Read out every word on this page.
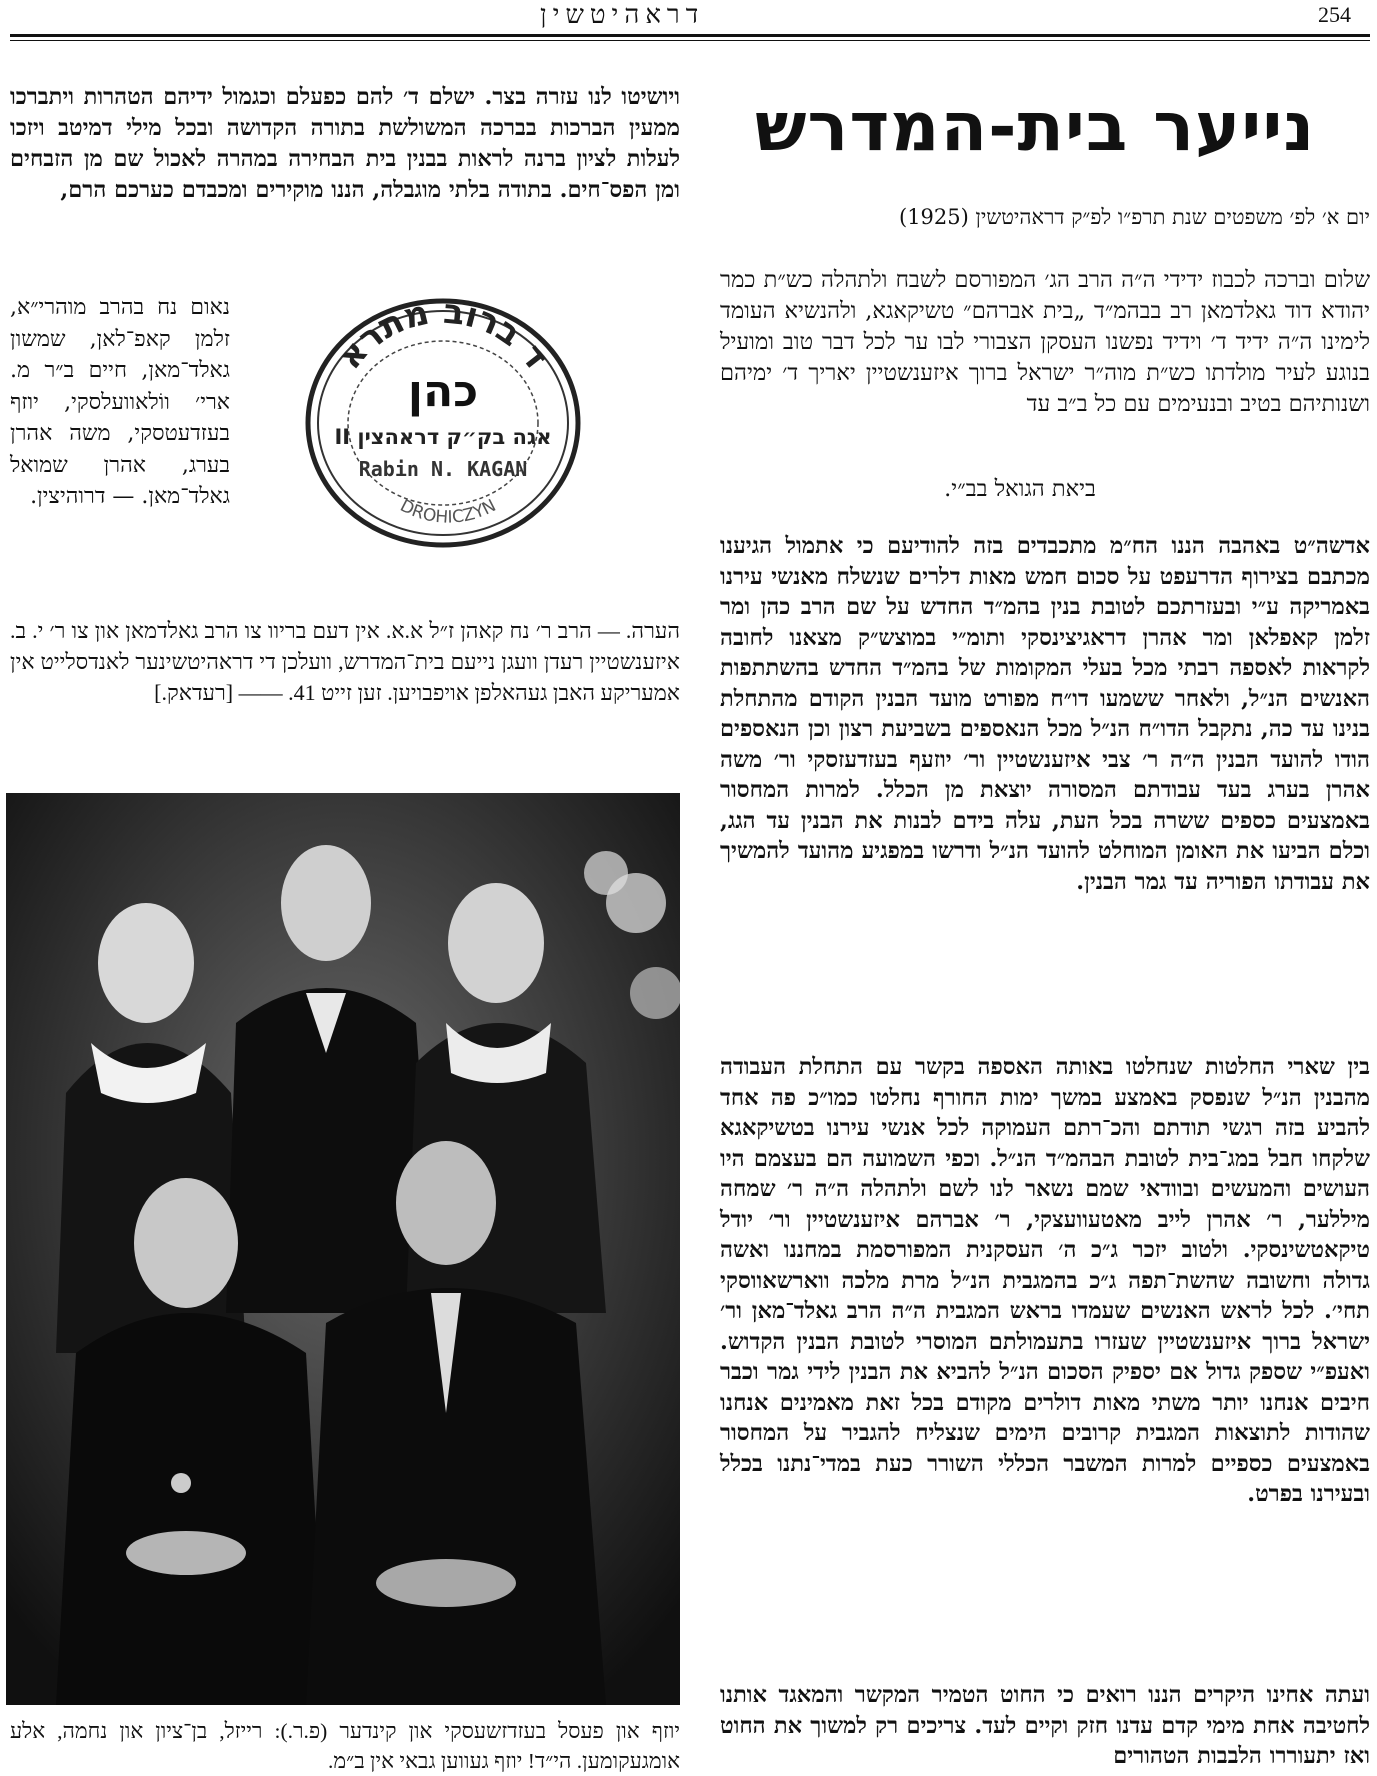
דראהיטשין	254
נייער בית-המדרש

יום א׳ לפ׳ משפטים שנת תרפ״ו לפ״ק דראהיטשין (1925)

שלום וברכה לכבוז ידידי ה״ה הרב הג׳ המפורסם לשבח ולתהלה כש״ת כמר יהודא דוד גאלדמאן רב בבהמ״ד „בית אברהם״ טשיקאגא, ולהנשיא העומד לימינו ה״ה ידיד ד׳ וידיד נפשנו העסקן הצבורי לבו ער לכל דבר טוב ומועיל בנוגע לעיר מולדתו כש״ת מוה״ר ישראל ברוך איזענשטיין יאריך ד׳ ימיהם ושנותיהם בטיב ובנעימים עם כל ב״ב עד

ביאת הגואל בב״י.

אדשה״ט באהבה הננו הח״מ מתכבדים בזה להודיעם כי אתמול הגיענו מכתבם בצירוף הדרעפט על סכום חמש מאות דלרים שנשלח מאנשי עירנו באמריקה ע״י ובעזרתכם לטובת בנין בהמ״ד החדש על שם הרב כהן ומר זלמן קאפלאן ומר אהרן דראגיצינסקי ותומ״י במוצש״ק מצאנו לחובה לקראות לאספה רבתי מכל בעלי המקומות של בהמ״ד החדש בהשתתפות האנשים הנ״ל, ולאחר ששמעו דו״ח מפורט מועד הבנין הקודם מהתחלת בנינו עד כה, נתקבל הדו״ח הנ״ל מכל הנאספים בשביעת רצון וכן הנאספים הודו להועד הבנין ה״ה ר׳ צבי איזענשטיין ור׳ יוזעף בעזדעזסקי ור׳ משה אהרן בערג בעד עבודתם המסורה יוצאת מן הכלל. למרות המחסור באמצעים כספים ששרה בכל העת, עלה בידם לבנות את הבנין עד הגג, וכלם הביעו את האומן המוחלט להועד הנ״ל ודרשו במפגיע מהועד להמשיך את עבודתו הפוריה עד גמר הבנין.

בין שארי החלטות שנחלטו באותה האספה בקשר עם התחלת העבודה מהבנין הנ״ל שנפסק באמצע במשך ימות החורף נחלטו כמו״כ פה אחד להביע בזה רגשי תודתם והכ־רתם העמוקה לכל אנשי עירנו בטשיקאגא שלקחו חבל במג־בית לטובת הבהמ״ד הנ״ל. וכפי השמועה הם בעצמם היו העושים והמעשים ובוודאי שמם נשאר לנו לשם ולתהלה ה״ה ר׳ שמחה מיללער, ר׳ אהרן לייב מאטעוועצקי, ר׳ אברהם איזענשטיין ור׳ יודל טיקאטשינסקי. ולטוב יזכר ג״כ ה׳ העסקנית המפורסמת במחננו ואשה גדולה וחשובה שהשת־תפה ג״כ בהמגבית הנ״ל מרת מלכה ווארשאווסקי תחי׳. לכל לראש האנשים שעמדו בראש המגבית ה״ה הרב גאלד־מאן ור׳ ישראל ברוך איזענשטיין שעזרו בתעמולתם המוסרי לטובת הבנין הקדוש. ואעפ״י שספק גדול אם יספיק הסכום הנ״ל להביא את הבנין לידי גמר וכבר חיבים אנחנו יותר משתי מאות דולרים מקודם בכל זאת מאמינים אנחנו שהודות לתוצאות המגבית קרובים הימים שנצליח להגביר על המחסור באמצעים כספיים למרות המשבר הכללי השורר כעת במדי־נתנו בכלל ובעירנו בפרט.

ועתה אחינו היקרים הננו רואים כי החוט הטמיר המקשר והמאגד אותנו לחטיבה אחת מימי קדם עדנו חזק וקיים לעד. צריכים רק למשוך את החוט ואז יתעוררו הלבבות הטהורים

ויושיטו לנו עזרה בצר. ישלם ד׳ להם כפעלם וכגמול ידיהם הטהרות ויתברכו ממעין הברכות בברכה המשולשת בתורה הקדושה ובכל מילי דמיטב ויזכו לעלות לציון ברנה לראות בבנין בית הבחירה במהרה לאכול שם מן הזבחים ומן הפס־חים. בתודה בלתי מוגבלה, הננו מוקירים ומכבדם כערכם הרם,

ד ברוב מתרא
כהן
אגה בק״ק דראהצין II
Rabin N. KAGAN
DROHICZYN

נאום נח בהרב מוהרי״א, זלמן קאפ־לאן, שמשון גאלד־מאן, חיים ב״ר מ. ארי׳ ווֹלאוועלסקי, יוזף בעזדעטסקי, משה אהרן בערג, אהרן שמואל גאלד־מאן. — דרוהיצין.

הערה. — הרב ר׳ נח קאהן ז״ל א.א. אין דעם בריוו צו הרב גאלדמאן און צו ר׳ י. ב. איזענשטיין רעדן וועגן נייעם בית־המדרש, וועלכן די דראהיטשינער לאנדסלייט אין אמעריקע האבן געהאלפן אויפבויען. זען זייט 41. —— [רעדאק.]

יוזף און פעסל בעזדזשעסקי און קינדער (פ.ר.): רייזל, בן־ציון און נחמה, אלע אומגעקומען. הי״ד! יוזף געווען גבאי אין ב״מ.
